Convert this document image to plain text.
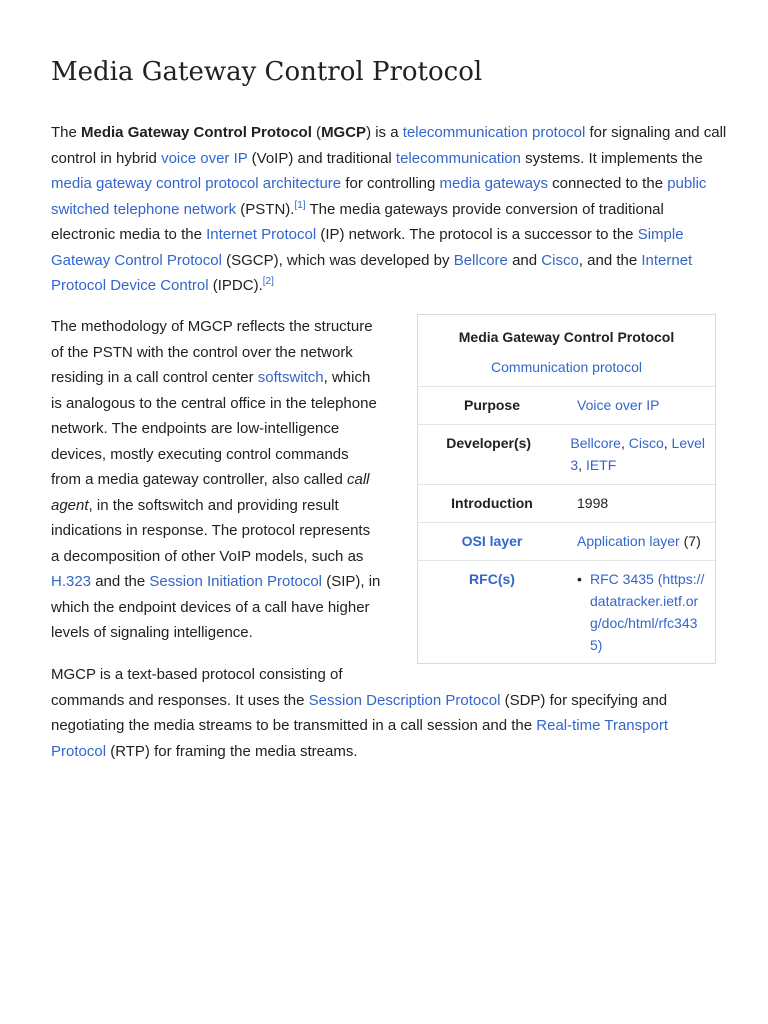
Media Gateway Control Protocol
The Media Gateway Control Protocol (MGCP) is a telecommunication protocol for signaling and call
control in hybrid voice over IP (VoIP) and traditional telecommunication systems. It implements the
media gateway control protocol architecture for controlling media gateways connected to the public
switched telephone network (PSTN).[1] The media gateways provide conversion of traditional
electronic media to the Internet Protocol (IP) network. The protocol is a successor to the Simple
Gateway Control Protocol (SGCP), which was developed by Bellcore and Cisco, and the Internet
Protocol Device Control (IPDC).[2]
The methodology of MGCP reflects the structure
of the PSTN with the control over the network
residing in a call control center softswitch, which
is analogous to the central office in the telephone
network. The endpoints are low-intelligence
devices, mostly executing control commands
from a media gateway controller, also called call
agent, in the softswitch and providing result
indications in response. The protocol represents
a decomposition of other VoIP models, such as
H.323 and the Session Initiation Protocol (SIP), in
which the endpoint devices of a call have higher
levels of signaling intelligence.
Media Gateway Control Protocol
Communication protocol
Purpose	Voice over IP
Developer(s)	Bellcore, Cisco, Level
3, IETF
Introduction	1998
OSI layer	Application layer (7)
RFC(s)
•	RFC 3435 (https://
datatracker.ietf.or
g/doc/html/rfc343
5)
MGCP is a text-based protocol consisting of
commands and responses. It uses the Session Description Protocol (SDP) for specifying and
negotiating the media streams to be transmitted in a call session and the Real-time Transport
Protocol (RTP) for framing the media streams.
